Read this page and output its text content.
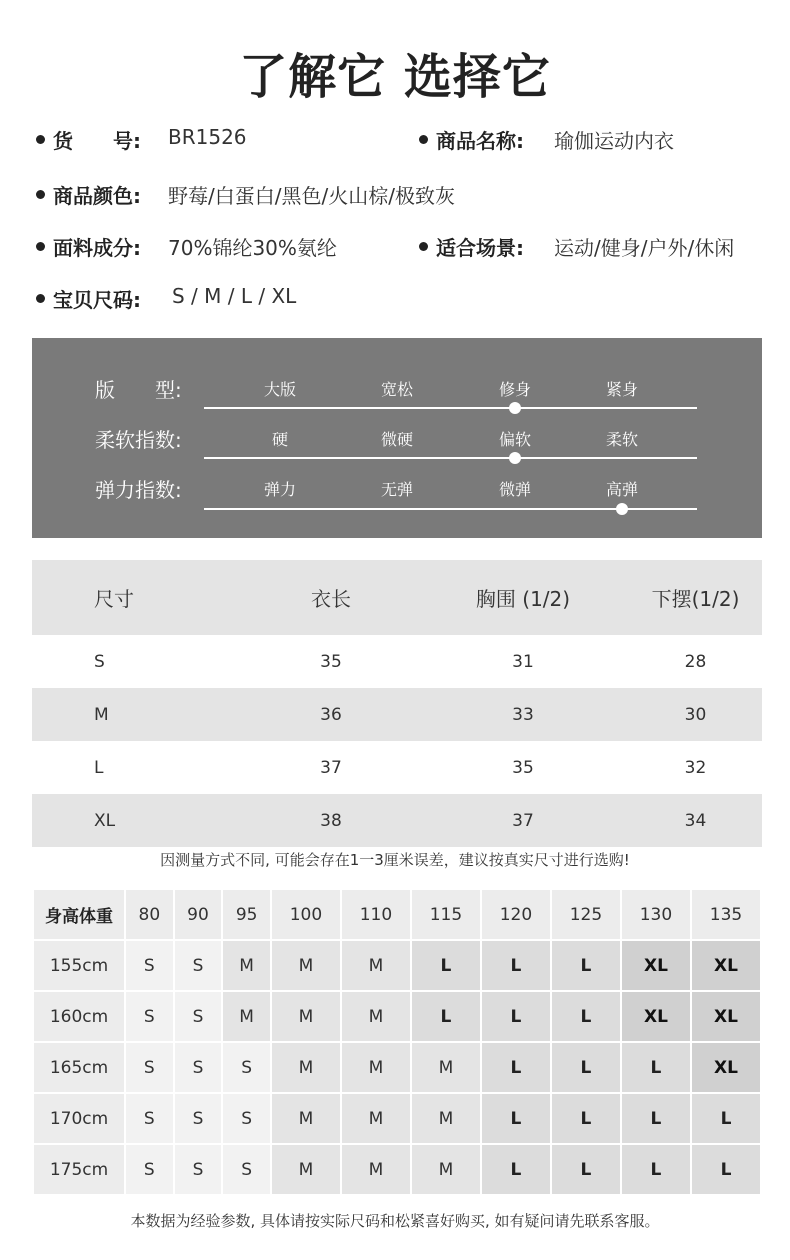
了解它 选择它
货　　号: BR1526	商品名称: 瑜伽运动内衣
商品颜色: 野莓/白蛋白/黑色/火山棕/极致灰
面料成分: 70%锦纶30%氨纶	适合场景: 运动/健身/户外/休闲
宝贝尺码: S / M / L / XL
版　　型:	大版	宽松	修身	紧身
柔软指数:	硬	微硬	偏软	柔软
弹力指数:	弹力	无弹	微弹	高弹
尺寸	衣长	胸围 (1/2)	下摆(1/2)
S	35	31	28
M	36	33	30
L	37	35	32
XL	38	37	34
因测量方式不同, 可能会存在1一3厘米误差，建议按真实尺寸进行选购!
身高体重	80	90	95	100	110	115	120	125	130	135
155cm	S	S	M	M	M	L	L	L	XL	XL
160cm	S	S	M	M	M	L	L	L	XL	XL
165cm	S	S	S	M	M	M	L	L	L	XL
170cm	S	S	S	M	M	M	L	L	L	L
175cm	S	S	S	M	M	M	L	L	L	L
本数据为经验参数, 具体请按实际尺码和松紧喜好购买, 如有疑问请先联系客服。
